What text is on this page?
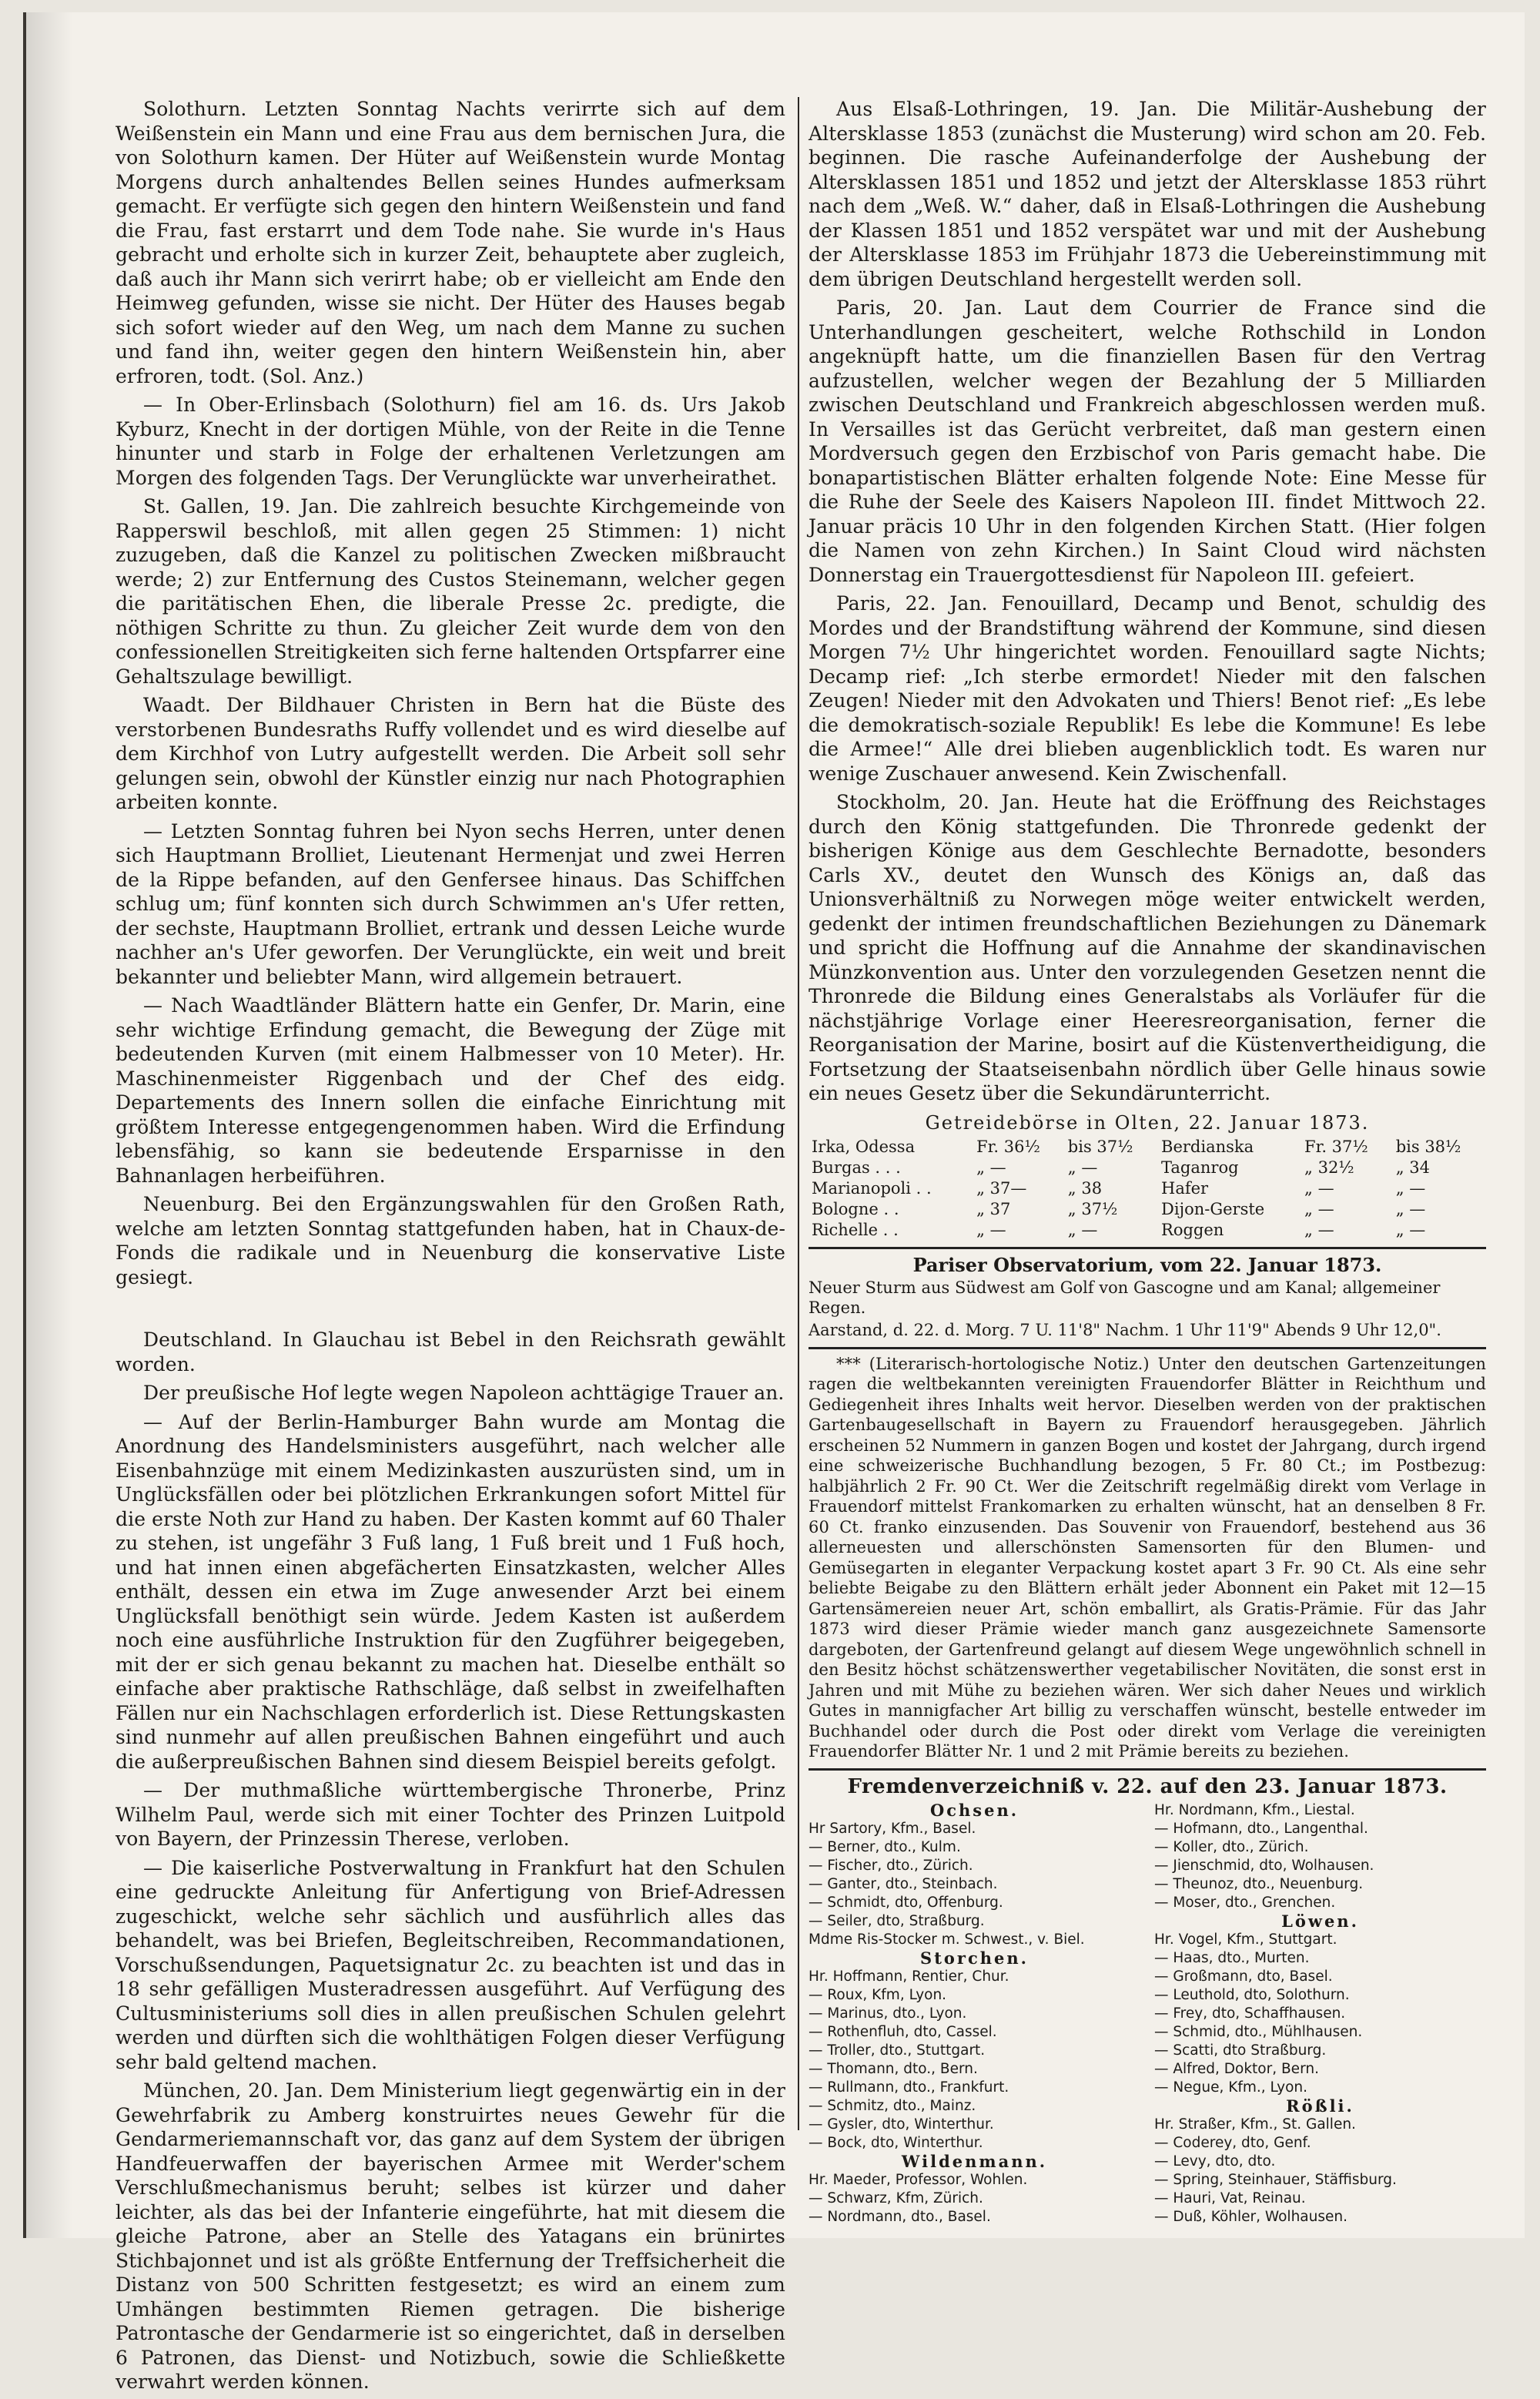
Solothurn. Letzten Sonntag Nachts verirrte sich auf dem Weißenstein ein Mann und eine Frau aus dem bernischen Jura, die von Solothurn kamen. Der Hüter auf Weißenstein wurde Montag Morgens durch anhaltendes Bellen seines Hundes aufmerksam gemacht. Er verfügte sich gegen den hintern Weißenstein und fand die Frau, fast erstarrt und dem Tode nahe. Sie wurde in's Haus gebracht und erholte sich in kurzer Zeit, behauptete aber zugleich, daß auch ihr Mann sich verirrt habe; ob er vielleicht am Ende den Heimweg gefunden, wisse sie nicht. Der Hüter des Hauses begab sich sofort wieder auf den Weg, um nach dem Manne zu suchen und fand ihn, weiter gegen den hintern Weißenstein hin, aber erfroren, todt. (Sol. Anz.)

— In Ober-Erlinsbach (Solothurn) fiel am 16. ds. Urs Jakob Kyburz, Knecht in der dortigen Mühle, von der Reite in die Tenne hinunter und starb in Folge der erhaltenen Verletzungen am Morgen des folgenden Tags. Der Verunglückte war unverheirathet.

St. Gallen, 19. Jan. Die zahlreich besuchte Kirchgemeinde von Rapperswil beschloß, mit allen gegen 25 Stimmen: 1) nicht zuzugeben, daß die Kanzel zu politischen Zwecken mißbraucht werde; 2) zur Entfernung des Custos Steinemann, welcher gegen die paritätischen Ehen, die liberale Presse 2c. predigte, die nöthigen Schritte zu thun. Zu gleicher Zeit wurde dem von den confessionellen Streitigkeiten sich ferne haltenden Ortspfarrer eine Gehaltszulage bewilligt.

Waadt. Der Bildhauer Christen in Bern hat die Büste des verstorbenen Bundesraths Ruffy vollendet und es wird dieselbe auf dem Kirchhof von Lutry aufgestellt werden. Die Arbeit soll sehr gelungen sein, obwohl der Künstler einzig nur nach Photographien arbeiten konnte.

— Letzten Sonntag fuhren bei Nyon sechs Herren, unter denen sich Hauptmann Brolliet, Lieutenant Hermenjat und zwei Herren de la Rippe befanden, auf den Genfersee hinaus. Das Schiffchen schlug um; fünf konnten sich durch Schwimmen an's Ufer retten, der sechste, Hauptmann Brolliet, ertrank und dessen Leiche wurde nachher an's Ufer geworfen. Der Verunglückte, ein weit und breit bekannter und beliebter Mann, wird allgemein betrauert.

— Nach Waadtländer Blättern hatte ein Genfer, Dr. Marin, eine sehr wichtige Erfindung gemacht, die Bewegung der Züge mit bedeutenden Kurven (mit einem Halbmesser von 10 Meter). Hr. Maschinenmeister Riggenbach und der Chef des eidg. Departements des Innern sollen die einfache Einrichtung mit größtem Interesse entgegengenommen haben. Wird die Erfindung lebensfähig, so kann sie bedeutende Ersparnisse in den Bahnanlagen herbeiführen.

Neuenburg. Bei den Ergänzungswahlen für den Großen Rath, welche am letzten Sonntag stattgefunden haben, hat in Chaux-de-Fonds die radikale und in Neuenburg die konservative Liste gesiegt.

Deutschland. In Glauchau ist Bebel in den Reichsrath gewählt worden.

Der preußische Hof legte wegen Napoleon achttägige Trauer an.

— Auf der Berlin-Hamburger Bahn wurde am Montag die Anordnung des Handelsministers ausgeführt, nach welcher alle Eisenbahnzüge mit einem Medizinkasten auszurüsten sind, um in Unglücksfällen oder bei plötzlichen Erkrankungen sofort Mittel für die erste Noth zur Hand zu haben. Der Kasten kommt auf 60 Thaler zu stehen, ist ungefähr 3 Fuß lang, 1 Fuß breit und 1 Fuß hoch, und hat innen einen abgefächerten Einsatzkasten, welcher Alles enthält, dessen ein etwa im Zuge anwesender Arzt bei einem Unglücksfall benöthigt sein würde. Jedem Kasten ist außerdem noch eine ausführliche Instruktion für den Zugführer beigegeben, mit der er sich genau bekannt zu machen hat. Dieselbe enthält so einfache aber praktische Rathschläge, daß selbst in zweifelhaften Fällen nur ein Nachschlagen erforderlich ist. Diese Rettungskasten sind nunmehr auf allen preußischen Bahnen eingeführt und auch die außerpreußischen Bahnen sind diesem Beispiel bereits gefolgt.

— Der muthmaßliche württembergische Thronerbe, Prinz Wilhelm Paul, werde sich mit einer Tochter des Prinzen Luitpold von Bayern, der Prinzessin Therese, verloben.

— Die kaiserliche Postverwaltung in Frankfurt hat den Schulen eine gedruckte Anleitung für Anfertigung von Brief-Adressen zugeschickt, welche sehr sächlich und ausführlich alles das behandelt, was bei Briefen, Begleitschreiben, Recommandationen, Vorschußsendungen, Paquetsignatur 2c. zu beachten ist und das in 18 sehr gefälligen Musteradressen ausgeführt. Auf Verfügung des Cultusministeriums soll dies in allen preußischen Schulen gelehrt werden und dürften sich die wohlthätigen Folgen dieser Verfügung sehr bald geltend machen.

München, 20. Jan. Dem Ministerium liegt gegenwärtig ein in der Gewehrfabrik zu Amberg konstruirtes neues Gewehr für die Gendarmeriemannschaft vor, das ganz auf dem System der übrigen Handfeuerwaffen der bayerischen Armee mit Werder'schem Verschlußmechanismus beruht; selbes ist kürzer und daher leichter, als das bei der Infanterie eingeführte, hat mit diesem die gleiche Patrone, aber an Stelle des Yatagans ein brünirtes Stichbajonnet und ist als größte Entfernung der Treffsicherheit die Distanz von 500 Schritten festgesetzt; es wird an einem zum Umhängen bestimmten Riemen getragen. Die bisherige Patrontasche der Gendarmerie ist so eingerichtet, daß in derselben 6 Patronen, das Dienst- und Notizbuch, sowie die Schließkette verwahrt werden können.

Aus Elsaß-Lothringen, 19. Jan. Die Militär-Aushebung der Altersklasse 1853 (zunächst die Musterung) wird schon am 20. Feb. beginnen. Die rasche Aufeinanderfolge der Aushebung der Altersklassen 1851 und 1852 und jetzt der Altersklasse 1853 rührt nach dem „Weß. W.“ daher, daß in Elsaß-Lothringen die Aushebung der Klassen 1851 und 1852 verspätet war und mit der Aushebung der Altersklasse 1853 im Frühjahr 1873 die Uebereinstimmung mit dem übrigen Deutschland hergestellt werden soll.

Paris, 20. Jan. Laut dem Courrier de France sind die Unterhandlungen gescheitert, welche Rothschild in London angeknüpft hatte, um die finanziellen Basen für den Vertrag aufzustellen, welcher wegen der Bezahlung der 5 Milliarden zwischen Deutschland und Frankreich abgeschlossen werden muß. In Versailles ist das Gerücht verbreitet, daß man gestern einen Mordversuch gegen den Erzbischof von Paris gemacht habe. Die bonapartistischen Blätter erhalten folgende Note: Eine Messe für die Ruhe der Seele des Kaisers Napoleon III. findet Mittwoch 22. Januar präcis 10 Uhr in den folgenden Kirchen Statt. (Hier folgen die Namen von zehn Kirchen.) In Saint Cloud wird nächsten Donnerstag ein Trauergottesdienst für Napoleon III. gefeiert.

Paris, 22. Jan. Fenouillard, Decamp und Benot, schuldig des Mordes und der Brandstiftung während der Kommune, sind diesen Morgen 7½ Uhr hingerichtet worden. Fenouillard sagte Nichts; Decamp rief: „Ich sterbe ermordet! Nieder mit den falschen Zeugen! Nieder mit den Advokaten und Thiers! Benot rief: „Es lebe die demokratisch-soziale Republik! Es lebe die Kommune! Es lebe die Armee!“ Alle drei blieben augenblicklich todt. Es waren nur wenige Zuschauer anwesend. Kein Zwischenfall.

Stockholm, 20. Jan. Heute hat die Eröffnung des Reichstages durch den König stattgefunden. Die Thronrede gedenkt der bisherigen Könige aus dem Geschlechte Bernadotte, besonders Carls XV., deutet den Wunsch des Königs an, daß das Unionsverhältniß zu Norwegen möge weiter entwickelt werden, gedenkt der intimen freundschaftlichen Beziehungen zu Dänemark und spricht die Hoffnung auf die Annahme der skandinavischen Münzkonvention aus. Unter den vorzulegenden Gesetzen nennt die Thronrede die Bildung eines Generalstabs als Vorläufer für die nächstjährige Vorlage einer Heeresreorganisation, ferner die Reorganisation der Marine, bosirt auf die Küstenvertheidigung, die Fortsetzung der Staatseisenbahn nördlich über Gelle hinaus sowie ein neues Gesetz über die Sekundärunterricht.

Getreidebörse in Olten, 22. Januar 1873.
Irka, Odessa	Fr. 36½	bis 37½	Berdianska	Fr. 37½	bis 38½
Burgas . . .	„ —	„ —	Taganrog	„ 32½	„ 34
Marianopoli . .	„ 37—	„ 38	Hafer	„ —	„ —
Bologne . .	„ 37	„ 37½	Dijon-Gerste	„ —	„ —
Richelle . .	„ —	„ —	Roggen	„ —	„ —
Pariser Observatorium, vom 22. Januar 1873.

Neuer Sturm aus Südwest am Golf von Gascogne und am Kanal; allgemeiner Regen.

Aarstand, d. 22. d. Morg. 7 U. 11'8" Nachm. 1 Uhr 11'9" Abends 9 Uhr 12,0".

*** (Literarisch-hortologische Notiz.) Unter den deutschen Gartenzeitungen ragen die weltbekannten vereinigten Frauendorfer Blätter in Reichthum und Gediegenheit ihres Inhalts weit hervor. Dieselben werden von der praktischen Gartenbaugesellschaft in Bayern zu Frauendorf herausgegeben. Jährlich erscheinen 52 Nummern in ganzen Bogen und kostet der Jahrgang, durch irgend eine schweizerische Buchhandlung bezogen, 5 Fr. 80 Ct.; im Postbezug: halbjährlich 2 Fr. 90 Ct. Wer die Zeitschrift regelmäßig direkt vom Verlage in Frauendorf mittelst Frankomarken zu erhalten wünscht, hat an denselben 8 Fr. 60 Ct. franko einzusenden. Das Souvenir von Frauendorf, bestehend aus 36 allerneuesten und allerschönsten Samensorten für den Blumen- und Gemüsegarten in eleganter Verpackung kostet apart 3 Fr. 90 Ct. Als eine sehr beliebte Beigabe zu den Blättern erhält jeder Abonnent ein Paket mit 12—15 Gartensämereien neuer Art, schön emballirt, als Gratis-Prämie. Für das Jahr 1873 wird dieser Prämie wieder manch ganz ausgezeichnete Samensorte dargeboten, der Gartenfreund gelangt auf diesem Wege ungewöhnlich schnell in den Besitz höchst schätzenswerther vegetabilischer Novitäten, die sonst erst in Jahren und mit Mühe zu beziehen wären. Wer sich daher Neues und wirklich Gutes in mannigfacher Art billig zu verschaffen wünscht, bestelle entweder im Buchhandel oder durch die Post oder direkt vom Verlage die vereinigten Frauendorfer Blätter Nr. 1 und 2 mit Prämie bereits zu beziehen.

Fremdenverzeichniß v. 22. auf den 23. Januar 1873.
Ochsen.
Hr Sartory, Kfm., Basel.
— Berner, dto., Kulm.
— Fischer, dto., Zürich.
— Ganter, dto., Steinbach.
— Schmidt, dto, Offenburg.
— Seiler, dto, Straßburg.
Mdme Ris-Stocker m. Schwest., v. Biel.
Storchen.
Hr. Hoffmann, Rentier, Chur.
— Roux, Kfm, Lyon.
— Marinus, dto., Lyon.
— Rothenfluh, dto, Cassel.
— Troller, dto., Stuttgart.
— Thomann, dto., Bern.
— Rullmann, dto., Frankfurt.
— Schmitz, dto., Mainz.
— Gysler, dto, Winterthur.
— Bock, dto, Winterthur.
Wildenmann.
Hr. Maeder, Professor, Wohlen.
— Schwarz, Kfm, Zürich.
— Nordmann, dto., Basel.
Hr. Nordmann, Kfm., Liestal.
— Hofmann, dto., Langenthal.
— Koller, dto., Zürich.
— Jienschmid, dto, Wolhausen.
— Theunoz, dto., Neuenburg.
— Moser, dto., Grenchen.
Löwen.
Hr. Vogel, Kfm., Stuttgart.
— Haas, dto., Murten.
— Großmann, dto, Basel.
— Leuthold, dto, Solothurn.
— Frey, dto, Schaffhausen.
— Schmid, dto., Mühlhausen.
— Scatti, dto Straßburg.
— Alfred, Doktor, Bern.
— Negue, Kfm., Lyon.
Rößli.
Hr. Straßer, Kfm., St. Gallen.
— Coderey, dto, Genf.
— Levy, dto, dto.
— Spring, Steinhauer, Stäffisburg.
— Hauri, Vat, Reinau.
— Duß, Köhler, Wolhausen.
